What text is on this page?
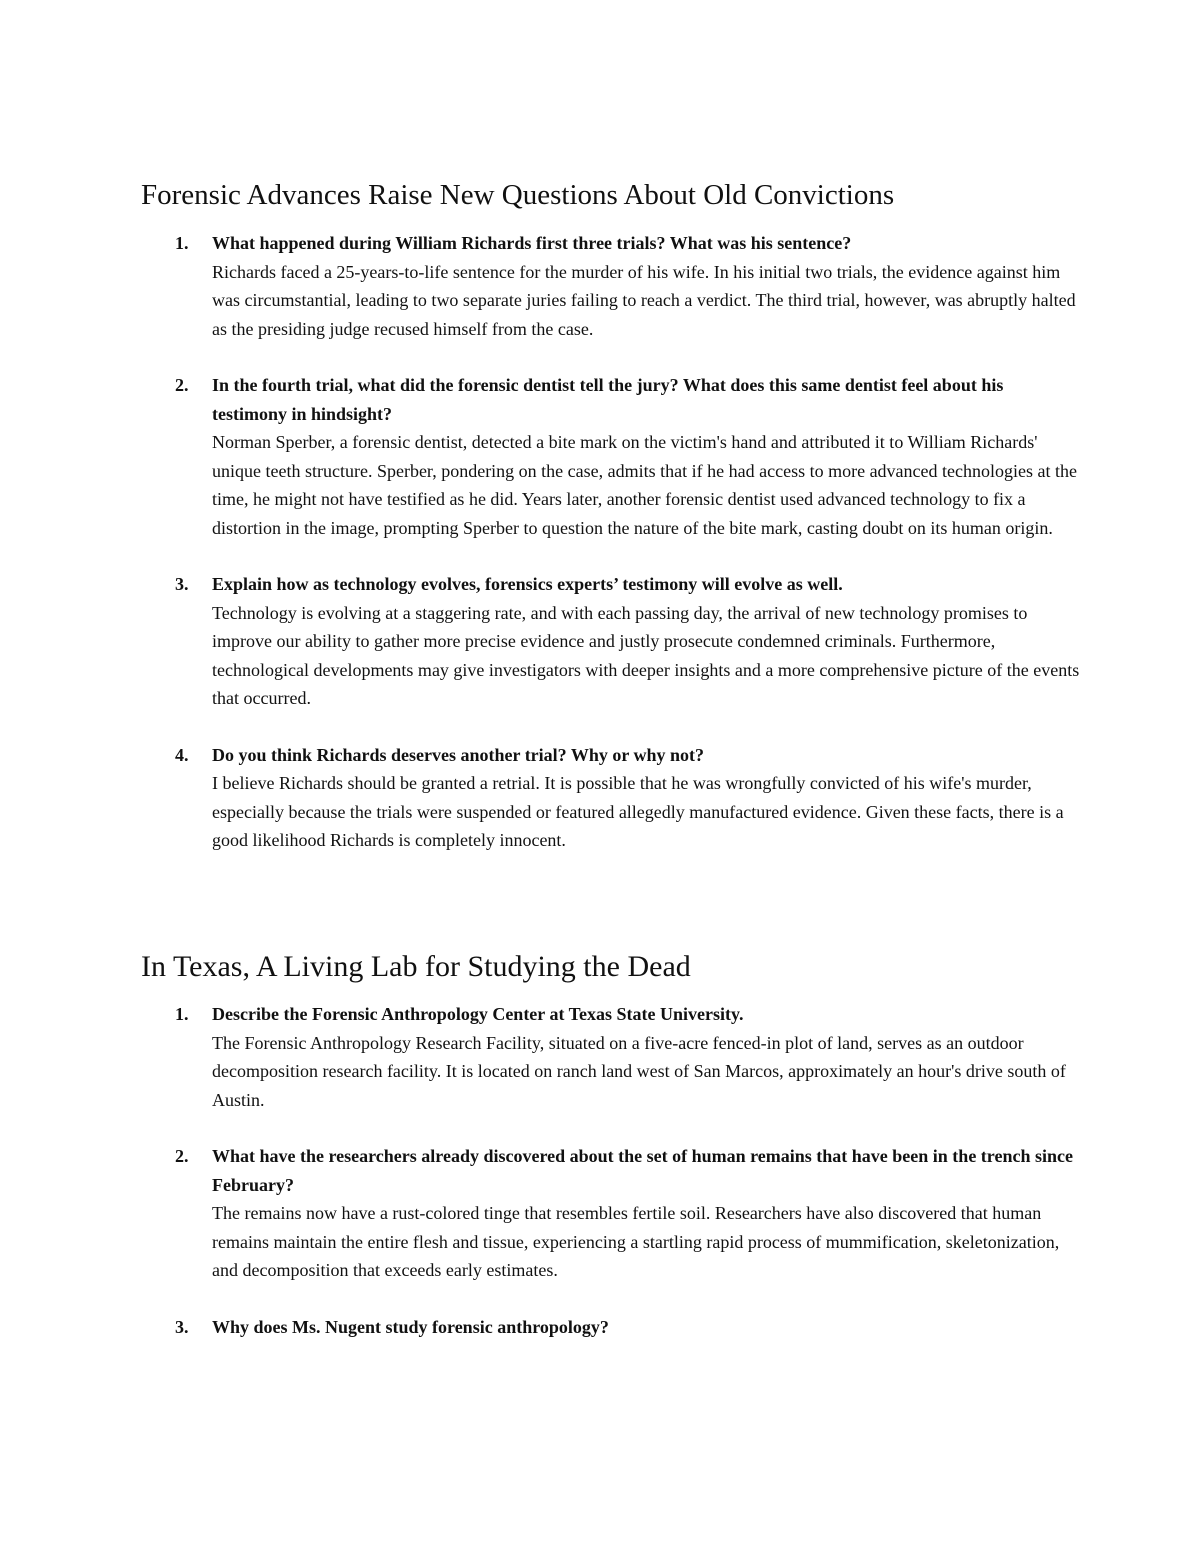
Forensic Advances Raise New Questions About Old Convictions
1. What happened during William Richards first three trials? What was his sentence?
Richards faced a 25-years-to-life sentence for the murder of his wife. In his initial two trials, the evidence against him was circumstantial, leading to two separate juries failing to reach a verdict. The third trial, however, was abruptly halted as the presiding judge recused himself from the case.
2. In the fourth trial, what did the forensic dentist tell the jury? What does this same dentist feel about his testimony in hindsight?
Norman Sperber, a forensic dentist, detected a bite mark on the victim's hand and attributed it to William Richards' unique teeth structure. Sperber, pondering on the case, admits that if he had access to more advanced technologies at the time, he might not have testified as he did. Years later, another forensic dentist used advanced technology to fix a distortion in the image, prompting Sperber to question the nature of the bite mark, casting doubt on its human origin.
3. Explain how as technology evolves, forensics experts’ testimony will evolve as well.
Technology is evolving at a staggering rate, and with each passing day, the arrival of new technology promises to improve our ability to gather more precise evidence and justly prosecute condemned criminals. Furthermore, technological developments may give investigators with deeper insights and a more comprehensive picture of the events that occurred.
4. Do you think Richards deserves another trial? Why or why not?
I believe Richards should be granted a retrial. It is possible that he was wrongfully convicted of his wife's murder, especially because the trials were suspended or featured allegedly manufactured evidence. Given these facts, there is a good likelihood Richards is completely innocent.
In Texas, A Living Lab for Studying the Dead
1. Describe the Forensic Anthropology Center at Texas State University.
The Forensic Anthropology Research Facility, situated on a five-acre fenced-in plot of land, serves as an outdoor decomposition research facility. It is located on ranch land west of San Marcos, approximately an hour's drive south of Austin.
2. What have the researchers already discovered about the set of human remains that have been in the trench since February?
The remains now have a rust-colored tinge that resembles fertile soil. Researchers have also discovered that human remains maintain the entire flesh and tissue, experiencing a startling rapid process of mummification, skeletonization, and decomposition that exceeds early estimates.
3. Why does Ms. Nugent study forensic anthropology?
